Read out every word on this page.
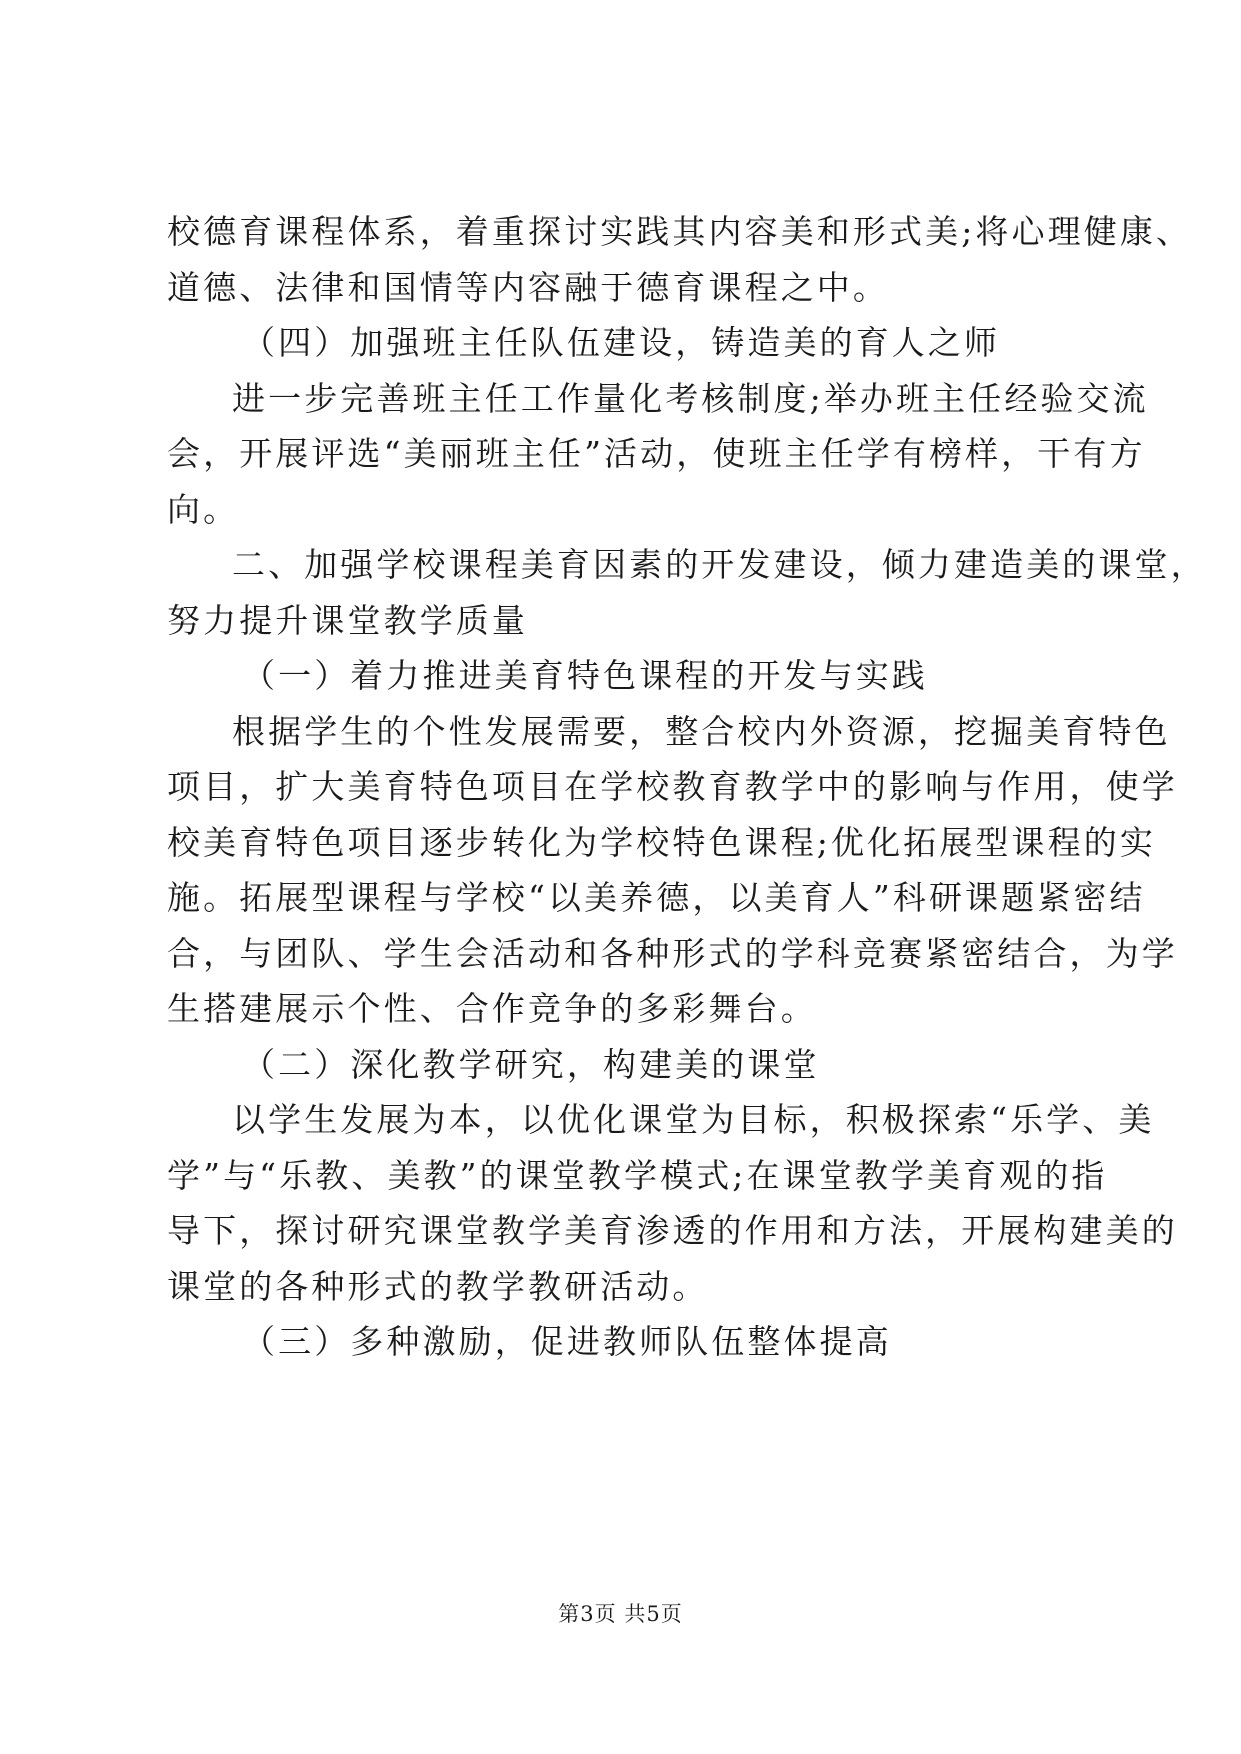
校德育课程体系，着重探讨实践其内容美和形式美;将心理健康、
道德、法律和国情等内容融于德育课程之中。
（四）加强班主任队伍建设，铸造美的育人之师
进一步完善班主任工作量化考核制度;举办班主任经验交流
会，开展评选“美丽班主任”活动，使班主任学有榜样，干有方
向。
二、加强学校课程美育因素的开发建设，倾力建造美的课堂，
努力提升课堂教学质量
（一）着力推进美育特色课程的开发与实践
根据学生的个性发展需要，整合校内外资源，挖掘美育特色
项目，扩大美育特色项目在学校教育教学中的影响与作用，使学
校美育特色项目逐步转化为学校特色课程;优化拓展型课程的实
施。拓展型课程与学校“以美养德，以美育人”科研课题紧密结
合，与团队、学生会活动和各种形式的学科竞赛紧密结合，为学
生搭建展示个性、合作竞争的多彩舞台。
（二）深化教学研究，构建美的课堂
以学生发展为本，以优化课堂为目标，积极探索“乐学、美
学”与“乐教、美教”的课堂教学模式;在课堂教学美育观的指
导下，探讨研究课堂教学美育渗透的作用和方法，开展构建美的
课堂的各种形式的教学教研活动。
（三）多种激励，促进教师队伍整体提高
第3页 共5页
